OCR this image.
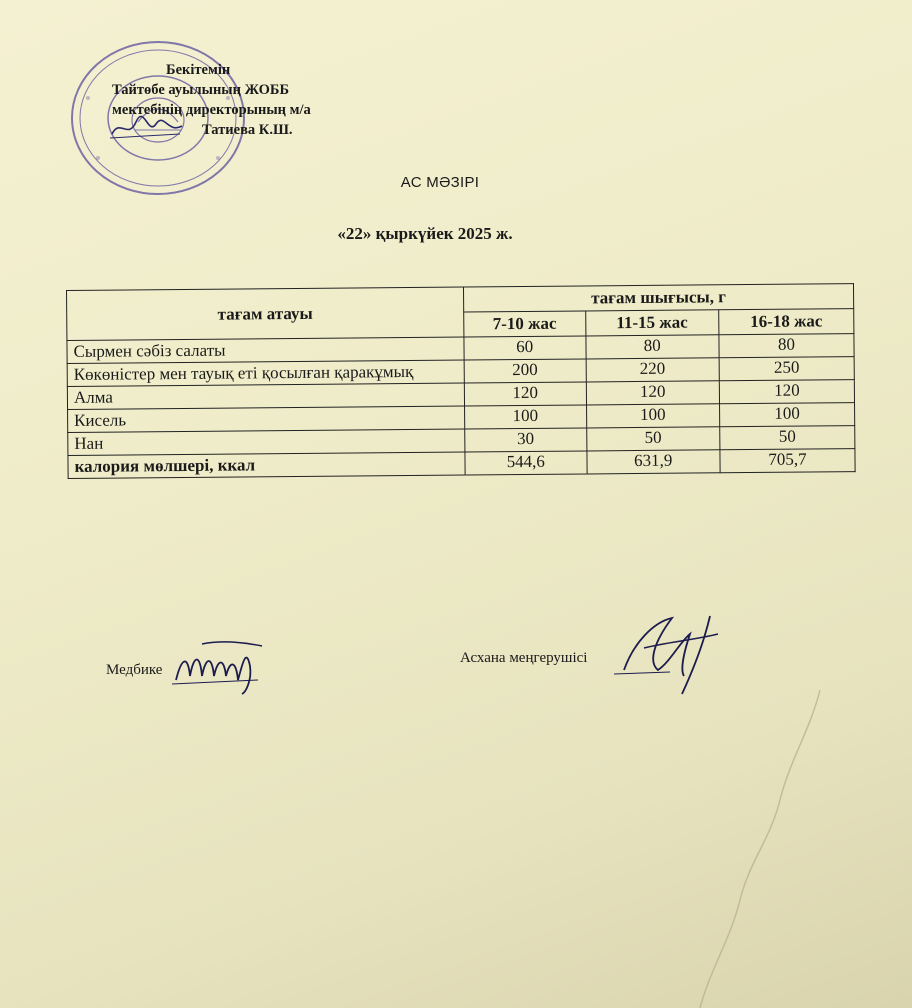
Бекітемін
Тайтөбе ауылының ЖОББ
мектебінің директорының м/а
Татиева К.Ш.
АС МӘЗІРІ
«22» қыркүйек 2025 ж.
тағам атауы	тағам шығысы, г		
	7-10 жас	11-15 жас	16-18 жас
Сырмен сәбіз салаты	60	80	80
Көкөністер мен тауық еті қосылған қаракұмық	200	220	250
Алма	120	120	120
Кисель	100	100	100
Нан	30	50	50
калория мөлшері, ккал	544,6	631,9	705,7
Медбике
Асхана меңгерушісі
